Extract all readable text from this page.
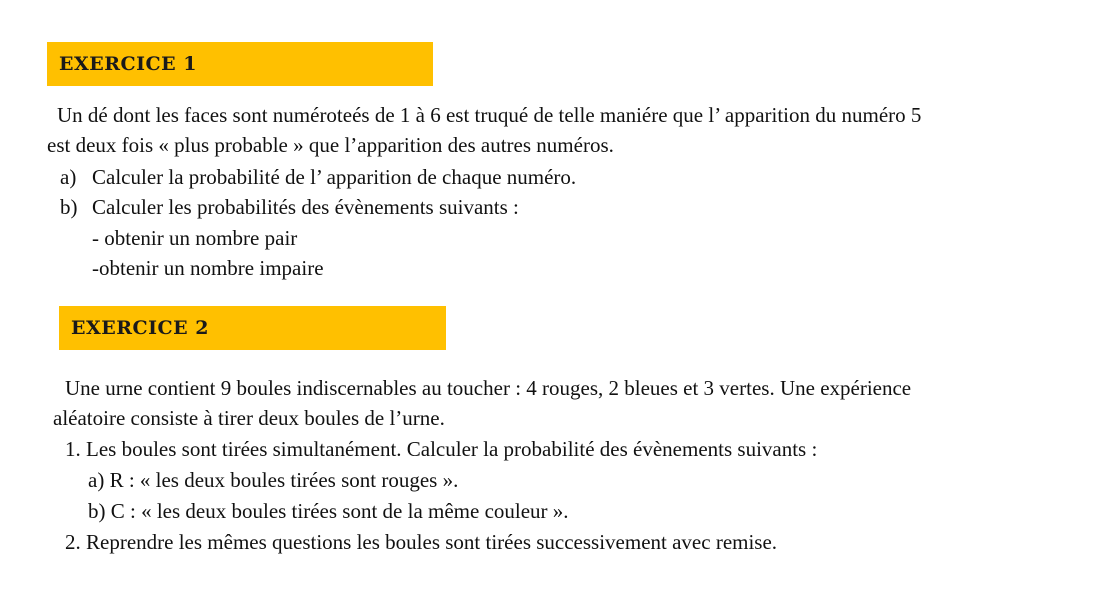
EXERCICE 1
Un dé dont les faces sont numéroteés de 1 à 6 est truqué de telle maniére que l’ apparition du numéro 5
est deux fois « plus probable » que l’apparition des autres numéros.
a) Calculer la probabilité de l’ apparition de chaque numéro.
b) Calculer les probabilités des évènements suivants :
- obtenir un nombre pair
-obtenir un nombre impaire
EXERCICE 2
Une urne contient 9 boules indiscernables au toucher : 4 rouges, 2 bleues et 3 vertes. Une expérience
aléatoire consiste à tirer deux boules de l’urne.
1. Les boules sont tirées simultanément. Calculer la probabilité des évènements suivants :
a) R : « les deux boules tirées sont rouges ».
b) C : « les deux boules tirées sont de la même couleur ».
2. Reprendre les mêmes questions les boules sont tirées successivement avec remise.
